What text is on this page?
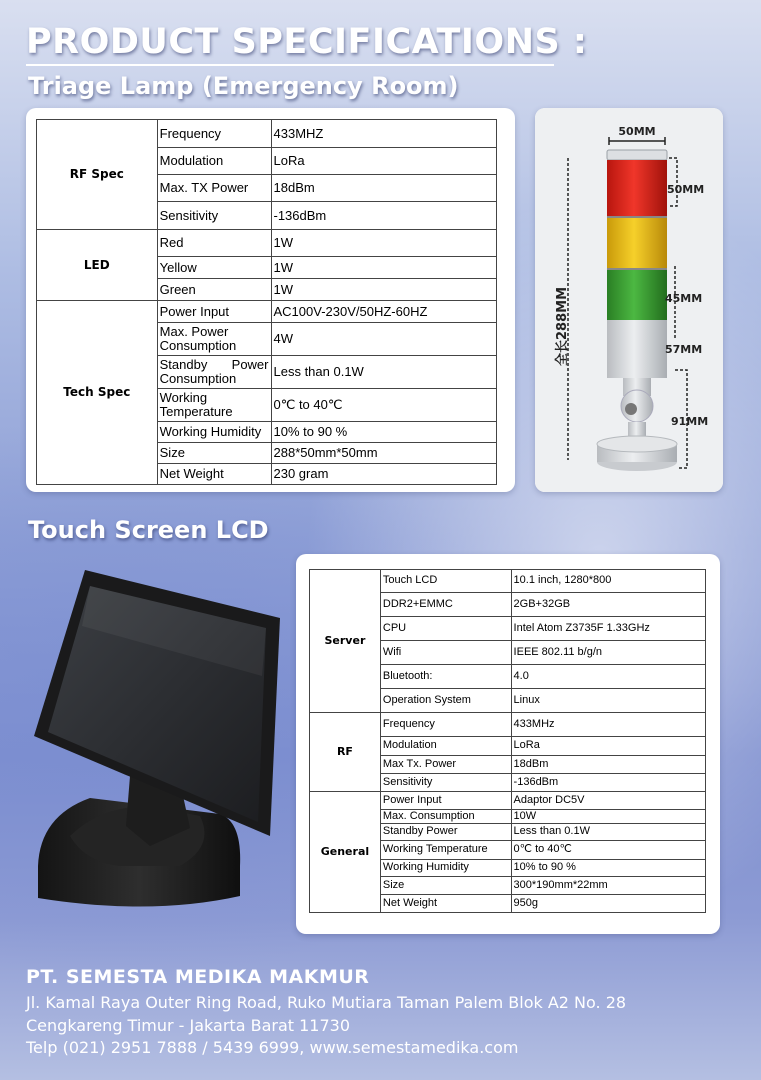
PRODUCT SPECIFICATIONS :
Triage Lamp (Emergency Room)
RF Spec	Frequency	433MHZ
	Modulation	LoRa
	Max. TX Power	18dBm
	Sensitivity	-136dBm
LED	Red	1W
	Yellow	1W
	Green	1W
Tech Spec	Power Input	AC100V-230V/50HZ-60HZ
	Max. Power Consumption	4W
	Standby Power Consumption	Less than 0.1W
	Working Temperature	0℃ to 40℃
	Working Humidity	10% to 90 %
	Size	288*50mm*50mm
	Net Weight	230 gram
50MM
全长288MM
50MM
45MM
57MM
91MM
Touch Screen LCD
Server	Touch LCD	10.1 inch, 1280*800
	DDR2+EMMC	2GB+32GB
	CPU	Intel Atom Z3735F 1.33GHz
	Wifi	IEEE 802.11 b/g/n
	Bluetooth:	4.0
	Operation System	Linux
RF	Frequency	433MHz
	Modulation	LoRa
	Max Tx. Power	18dBm
	Sensitivity	-136dBm
General	Power Input	Adaptor DC5V
	Max. Consumption	10W
	Standby Power	Less than 0.1W
	Working Temperature	0℃ to 40℃
	Working Humidity	10% to 90 %
	Size	300*190mm*22mm
	Net Weight	950g

PT. SEMESTA MEDIKA MAKMUR

Jl. Kamal Raya Outer Ring Road, Ruko Mutiara Taman Palem Blok A2 No. 28

Cengkareng Timur - Jakarta Barat 11730

Telp (021) 2951 7888 / 5439 6999, www.semestamedika.com
